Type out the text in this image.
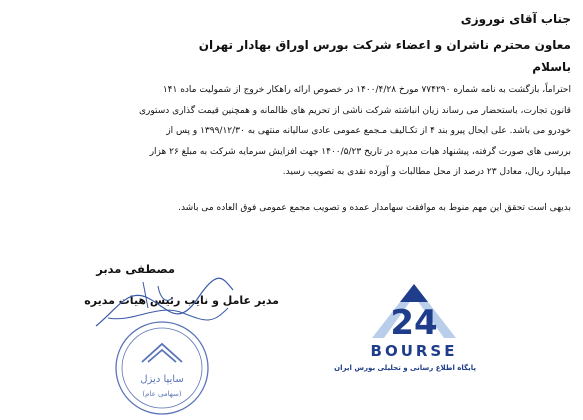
جناب آقای نوروزی
معاون محترم ناشران و اعضاء شرکت بورس اوراق بهادار تهران
باسلام
احتراماً، بازگشت به نامه شماره ۷۷۴۲۹۰ مورخ ۱۴۰۰/۴/۲۸ در خصوص ارائه راهکار خروج از شمولیت ماده ۱۴۱
قانون تجارت، باستحضار می رساند زیان انباشته شرکت ناشی از تحریم های ظالمانه و همچنین قیمت گذاری دستوری
خودرو می باشد. علی ایحال پیرو بند ۴ از تکـالیف مـجمع عمومی عادی سالیانه منتهی به ۱۳۹۹/۱۲/۳۰ و پس از
بررسی های صورت گرفته، پیشنهاد هیات مدیره در تاریخ ۱۴۰۰/۵/۲۳ جهت افزایش سرمایه شرکت به مبلغ ۲۶ هزار
میلیارد ریال، معادل ۲۳ درصد از محل مطالبات و آورده نقدی به تصویب رسید.
بدیهی است تحقق این مهم منوط به موافقت سهامدار عمده و تصویب مجمع عمومی فوق العاده می باشد.
مصطفی مدبر
مدیر عامل و نایب رئیس هیات مدیره
سایپا دیزل
(سهامی عام)
24
BOURSE
پایگاه اطلاع رسانی و تحلیلی بورس ایران
